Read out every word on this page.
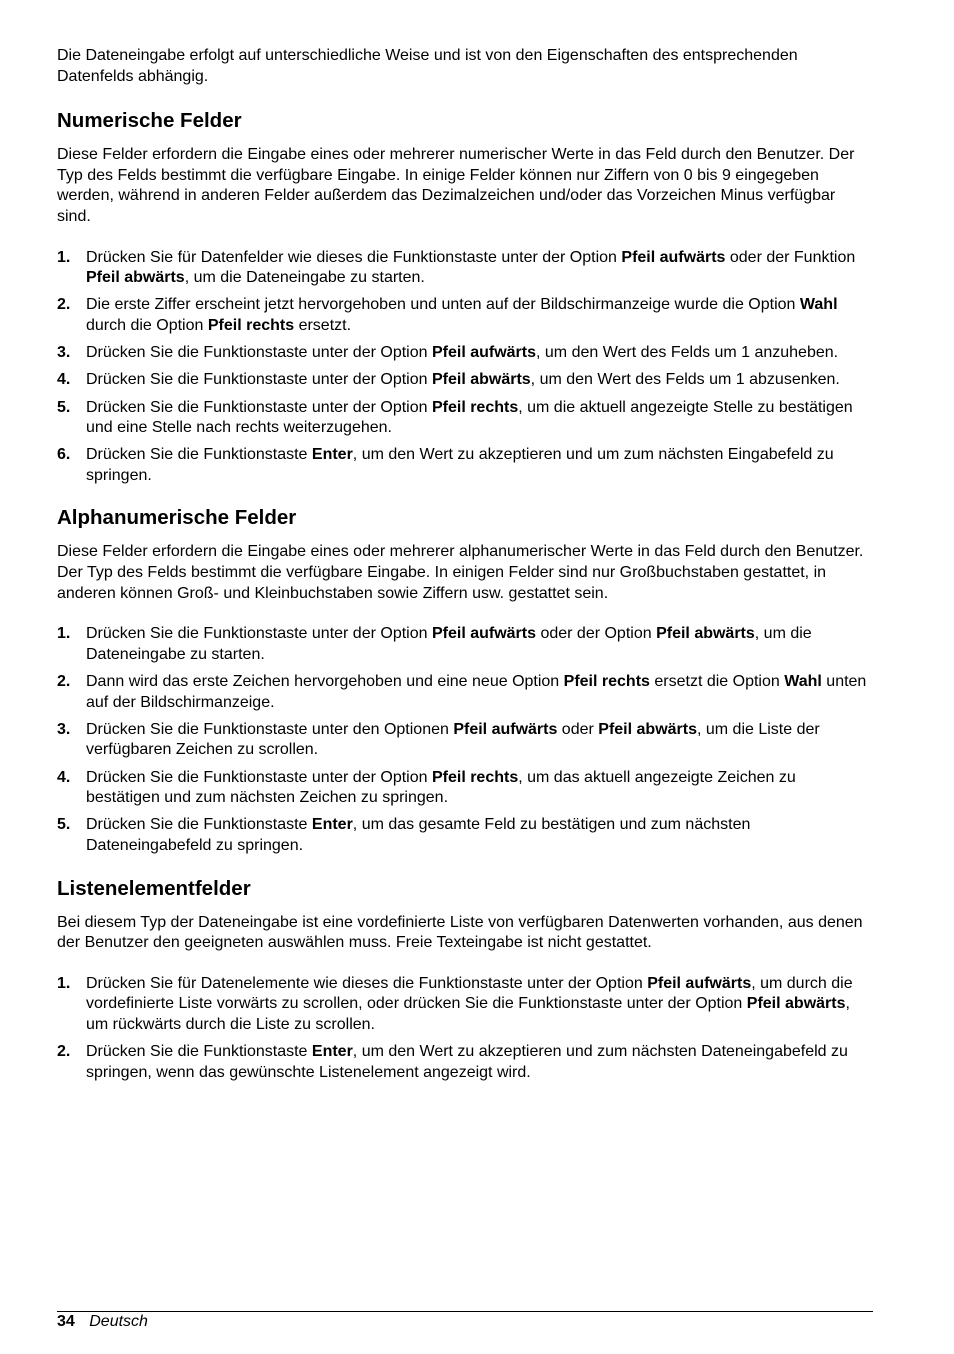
Die Dateneingabe erfolgt auf unterschiedliche Weise und ist von den Eigenschaften des entsprechenden Datenfelds abhängig.

Numerische Felder

Diese Felder erfordern die Eingabe eines oder mehrerer numerischer Werte in das Feld durch den Benutzer. Der Typ des Felds bestimmt die verfügbare Eingabe. In einige Felder können nur Ziffern von 0 bis 9 eingegeben werden, während in anderen Felder außerdem das Dezimalzeichen und/oder das Vorzeichen Minus verfügbar sind.

1. Drücken Sie für Datenfelder wie dieses die Funktionstaste unter der Option Pfeil aufwärts oder der Funktion Pfeil abwärts, um die Dateneingabe zu starten.
2. Die erste Ziffer erscheint jetzt hervorgehoben und unten auf der Bildschirmanzeige wurde die Option Wahl durch die Option Pfeil rechts ersetzt.
3. Drücken Sie die Funktionstaste unter der Option Pfeil aufwärts, um den Wert des Felds um 1 anzuheben.
4. Drücken Sie die Funktionstaste unter der Option Pfeil abwärts, um den Wert des Felds um 1 abzusenken.
5. Drücken Sie die Funktionstaste unter der Option Pfeil rechts, um die aktuell angezeigte Stelle zu bestätigen und eine Stelle nach rechts weiterzugehen.
6. Drücken Sie die Funktionstaste Enter, um den Wert zu akzeptieren und um zum nächsten Eingabefeld zu springen.
Alphanumerische Felder

Diese Felder erfordern die Eingabe eines oder mehrerer alphanumerischer Werte in das Feld durch den Benutzer. Der Typ des Felds bestimmt die verfügbare Eingabe. In einigen Felder sind nur Großbuchstaben gestattet, in anderen können Groß- und Kleinbuchstaben sowie Ziffern usw. gestattet sein.

1. Drücken Sie die Funktionstaste unter der Option Pfeil aufwärts oder der Option Pfeil abwärts, um die Dateneingabe zu starten.
2. Dann wird das erste Zeichen hervorgehoben und eine neue Option Pfeil rechts ersetzt die Option Wahl unten auf der Bildschirmanzeige.
3. Drücken Sie die Funktionstaste unter den Optionen Pfeil aufwärts oder Pfeil abwärts, um die Liste der verfügbaren Zeichen zu scrollen.
4. Drücken Sie die Funktionstaste unter der Option Pfeil rechts, um das aktuell angezeigte Zeichen zu bestätigen und zum nächsten Zeichen zu springen.
5. Drücken Sie die Funktionstaste Enter, um das gesamte Feld zu bestätigen und zum nächsten Dateneingabefeld zu springen.
Listenelementfelder

Bei diesem Typ der Dateneingabe ist eine vordefinierte Liste von verfügbaren Datenwerten vorhanden, aus denen der Benutzer den geeigneten auswählen muss. Freie Texteingabe ist nicht gestattet.

1. Drücken Sie für Datenelemente wie dieses die Funktionstaste unter der Option Pfeil aufwärts, um durch die vordefinierte Liste vorwärts zu scrollen, oder drücken Sie die Funktionstaste unter der Option Pfeil abwärts, um rückwärts durch die Liste zu scrollen.
2. Drücken Sie die Funktionstaste Enter, um den Wert zu akzeptieren und zum nächsten Dateneingabefeld zu springen, wenn das gewünschte Listenelement angezeigt wird.
34 Deutsch
